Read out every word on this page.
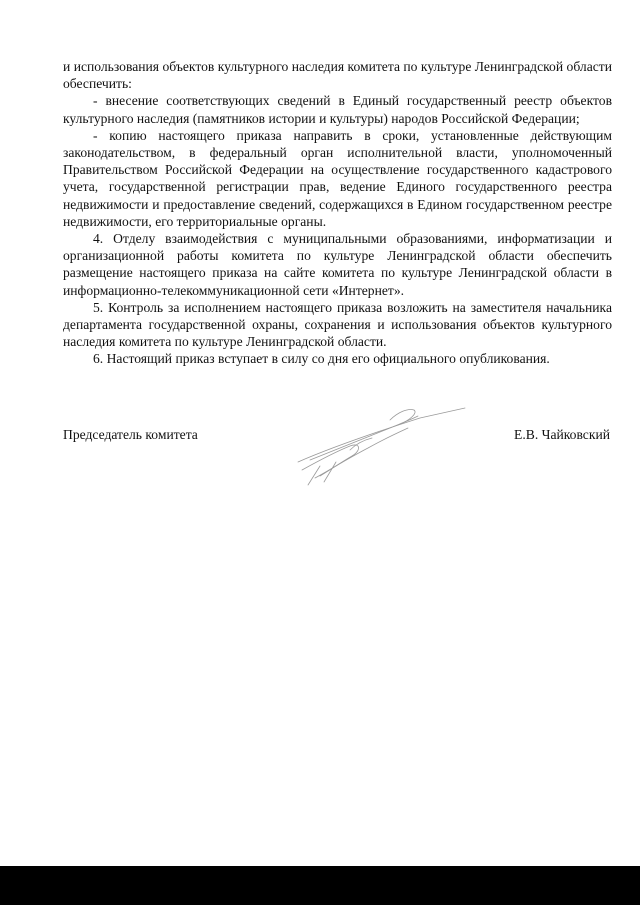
и использования объектов культурного наследия комитета по культуре Ленинградской области обеспечить:

- внесение соответствующих сведений в Единый государственный реестр объектов культурного наследия (памятников истории и культуры) народов Российской Федерации;

- копию настоящего приказа направить в сроки, установленные действующим законодательством, в федеральный орган исполнительной власти, уполномоченный Правительством Российской Федерации на осуществление государственного кадастрового учета, государственной регистрации прав, ведение Единого государственного реестра недвижимости и предоставление сведений, содержащихся в Едином государственном реестре недвижимости, его территориальные органы.

4. Отделу взаимодействия с муниципальными образованиями, информатизации и организационной работы комитета по культуре Ленинградской области обеспечить размещение настоящего приказа на сайте комитета по культуре Ленинградской области в информационно-телекоммуникационной сети «Интернет».

5. Контроль за исполнением настоящего приказа возложить на заместителя начальника департамента государственной охраны, сохранения и использования объектов культурного наследия комитета по культуре Ленинградской области.

6. Настоящий приказ вступает в силу со дня его официального опубликования.

Председатель комитета	Е.В. Чайковский
